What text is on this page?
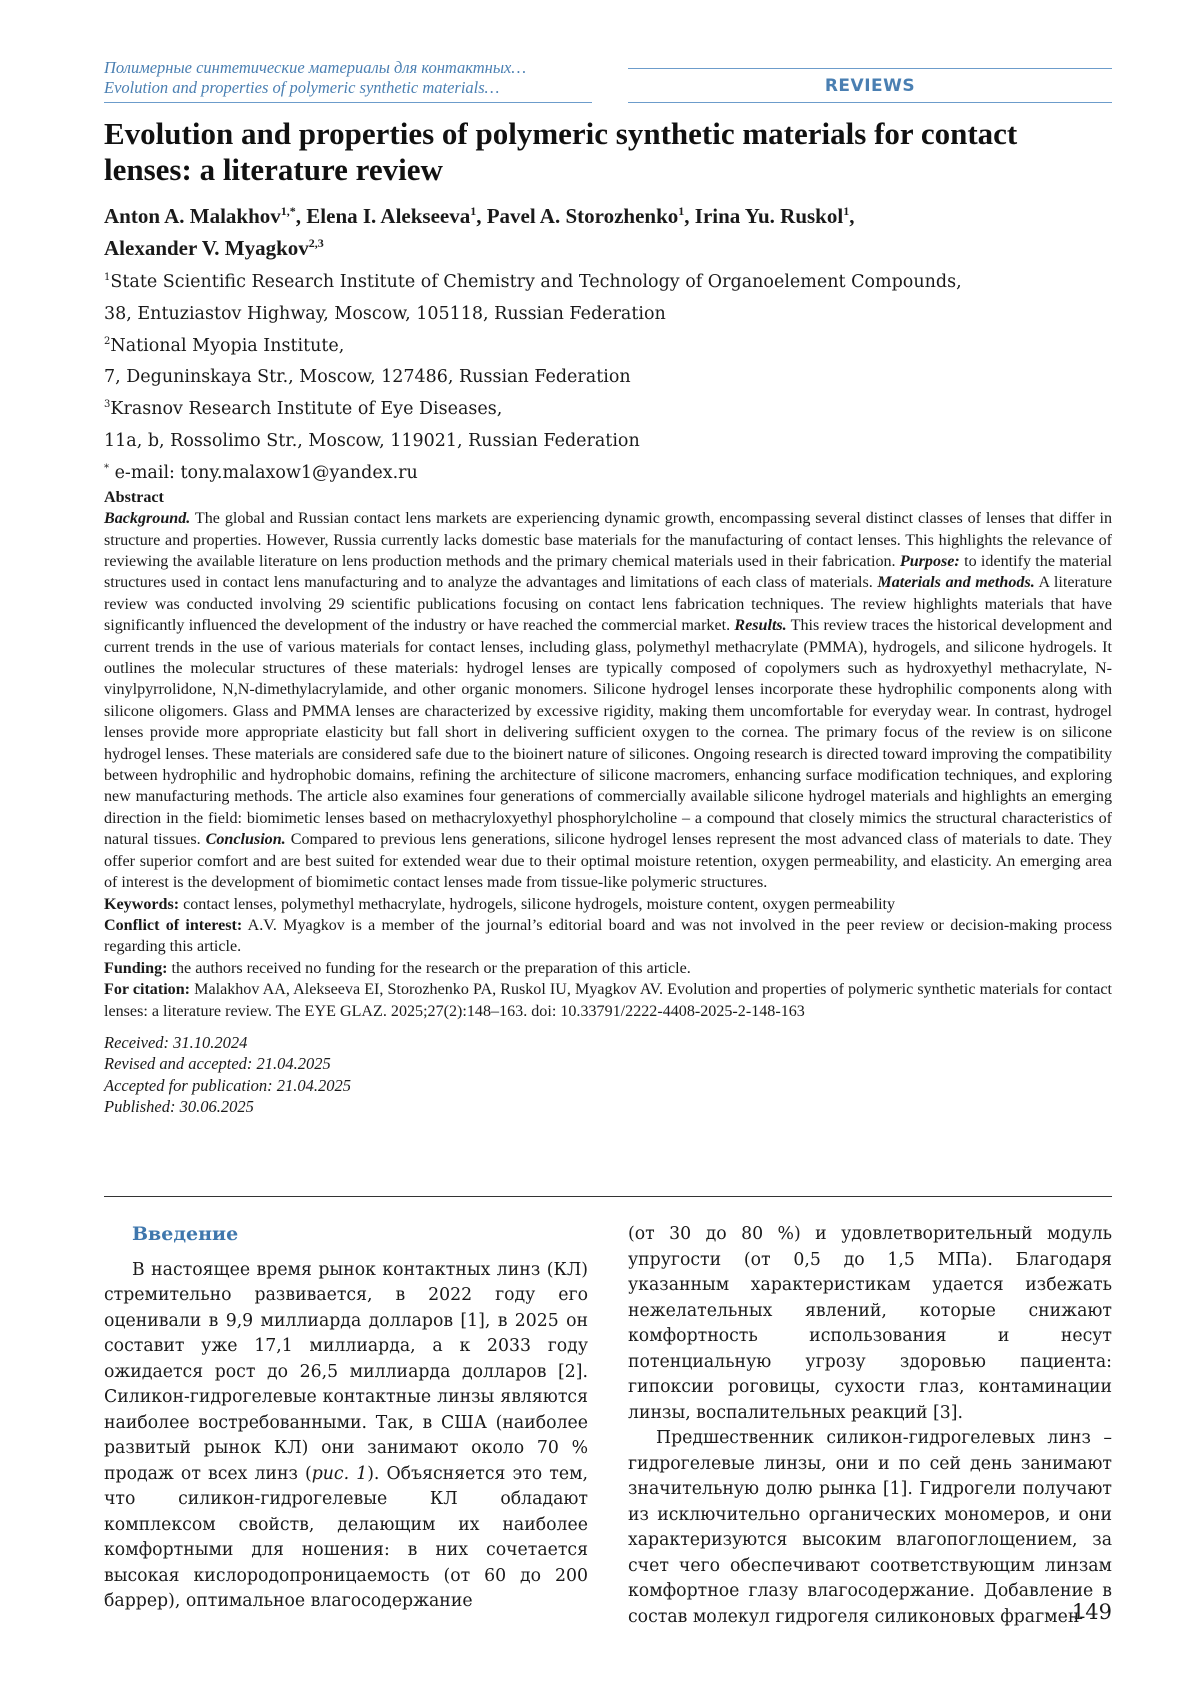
Полимерные синтетические материалы для контактных…
Evolution and properties of polymeric synthetic materials…	REVIEWS
Evolution and properties of polymeric synthetic materials for contact lenses: a literature review
Anton A. Malakhov$^{1,*}$, Elena I. Alekseeva$^1$, Pavel A. Storozhenko$^1$, Irina Yu. Ruskol$^1$,
Alexander V. Myagkov$^{2,3}$
$^1$State Scientific Research Institute of Chemistry and Technology of Organoelement Compounds,
38, Entuziastov Highway, Moscow, 105118, Russian Federation
$^2$National Myopia Institute,
7, Deguninskaya Str., Moscow, 127486, Russian Federation
$^3$Krasnov Research Institute of Eye Diseases,
11a, b, Rossolimo Str., Moscow, 119021, Russian Federation
* e-mail: tony.malaxow1@yandex.ru
Abstract
Background. The global and Russian contact lens markets are experiencing dynamic growth, encompassing several distinct classes of lenses that differ in structure and properties. However, Russia currently lacks domestic base materials for the manufacturing of contact lenses. This highlights the relevance of reviewing the available literature on lens production methods and the primary chemical materials used in their fabrication. Purpose: to identify the material structures used in contact lens manufacturing and to analyze the advantages and limitations of each class of materials. Materials and methods. A literature review was conducted involving 29 scientific publications focusing on contact lens fabrication techniques. The review highlights materials that have significantly influenced the development of the industry or have reached the commercial market. Results. This review traces the historical development and current trends in the use of various materials for contact lenses, including glass, polymethyl methacrylate (PMMA), hydrogels, and silicone hydrogels. It outlines the molecular structures of these materials: hydrogel lenses are typically composed of copolymers such as hydroxyethyl methacrylate, N-vinylpyrrolidone, N,N-dimethylacrylamide, and other organic monomers. Silicone hydrogel lenses incorporate these hydrophilic components along with silicone oligomers. Glass and PMMA lenses are characterized by excessive rigidity, making them uncomfortable for everyday wear. In contrast, hydrogel lenses provide more appropriate elasticity but fall short in delivering sufficient oxygen to the cornea. The primary focus of the review is on silicone hydrogel lenses. These materials are considered safe due to the bioinert nature of silicones. Ongoing research is directed toward improving the compatibility between hydrophilic and hydrophobic domains, refining the architecture of silicone macromers, enhancing surface modification techniques, and exploring new manufacturing methods. The article also examines four generations of commercially available silicone hydrogel materials and highlights an emerging direction in the field: biomimetic lenses based on methacryloxyethyl phosphorylcholine – a compound that closely mimics the structural characteristics of natural tissues. Conclusion. Compared to previous lens generations, silicone hydrogel lenses represent the most advanced class of materials to date. They offer superior comfort and are best suited for extended wear due to their optimal moisture retention, oxygen permeability, and elasticity. An emerging area of interest is the development of biomimetic contact lenses made from tissue-like polymeric structures.
Keywords: contact lenses, polymethyl methacrylate, hydrogels, silicone hydrogels, moisture content, oxygen permeability
Conflict of interest: A.V. Myagkov is a member of the journal’s editorial board and was not involved in the peer review or decision-making process regarding this article.
Funding: the authors received no funding for the research or the preparation of this article.
For citation: Malakhov AA, Alekseeva EI, Storozhenko PA, Ruskol IU, Myagkov AV. Evolution and properties of polymeric synthetic materials for contact lenses: a literature review. The EYE GLAZ. 2025;27(2):148–163. doi: 10.33791/2222-4408-2025-2-148-163
Received: 31.10.2024
Revised and accepted: 21.04.2025
Accepted for publication: 21.04.2025
Published: 30.06.2025
Введение

В настоящее время рынок контактных линз (КЛ) стремительно развивается, в 2022 году его оценивали в 9,9 миллиарда долларов [1], в 2025 он составит уже 17,1 миллиарда, а к 2033 году ожидается рост до 26,5 миллиарда долларов [2]. Силикон-гидрогелевые контактные линзы являются наиболее востребованными. Так, в США (наиболее развитый рынок КЛ) они занимают около 70 % продаж от всех линз (рис. 1). Объясняется это тем, что силикон-гидрогелевые КЛ обладают комплексом свойств, делающим их наиболее комфортными для ношения: в них сочетается высокая кислородопроницаемость (от 60 до 200 баррер), оптимальное влагосодержание

(от 30 до 80 %) и удовлетворительный модуль упругости (от 0,5 до 1,5 МПа). Благодаря указанным характеристикам удается избежать нежелательных явлений, которые снижают комфортность использования и несут потенциальную угрозу здоровью пациента: гипоксии роговицы, сухости глаз, контаминации линзы, воспалительных реакций [3].

Предшественник силикон-гидрогелевых линз – гидрогелевые линзы, они и по сей день занимают значительную долю рынка [1]. Гидрогели получают из исключительно органических мономеров, и они характеризуются высоким влагопоглощением, за счет чего обеспечивают соответствующим линзам комфортное глазу влагосодержание. Добавление в состав молекул гидрогеля силиконовых фрагмен-

149
